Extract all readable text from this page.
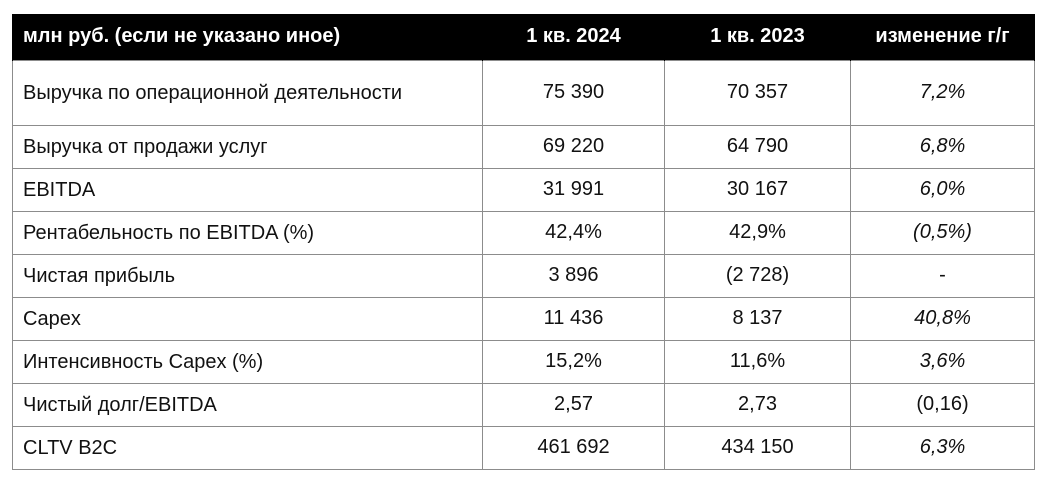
млн руб. (если не указано иное)	1 кв. 2024	1 кв. 2023	изменение г/г
Выручка по операционной деятельности	75 390	70 357	7,2%
Выручка от продажи услуг	69 220	64 790	6,8%
EBITDA	31 991	30 167	6,0%
Рентабельность по EBITDA (%)	42,4%	42,9%	(0,5%)
Чистая прибыль	3 896	(2 728)	-
Capex	11 436	8 137	40,8%
Интенсивность Capex (%)	15,2%	11,6%	3,6%
Чистый долг/EBITDA	2,57	2,73	(0,16)
CLTV B2C	461 692	434 150	6,3%
